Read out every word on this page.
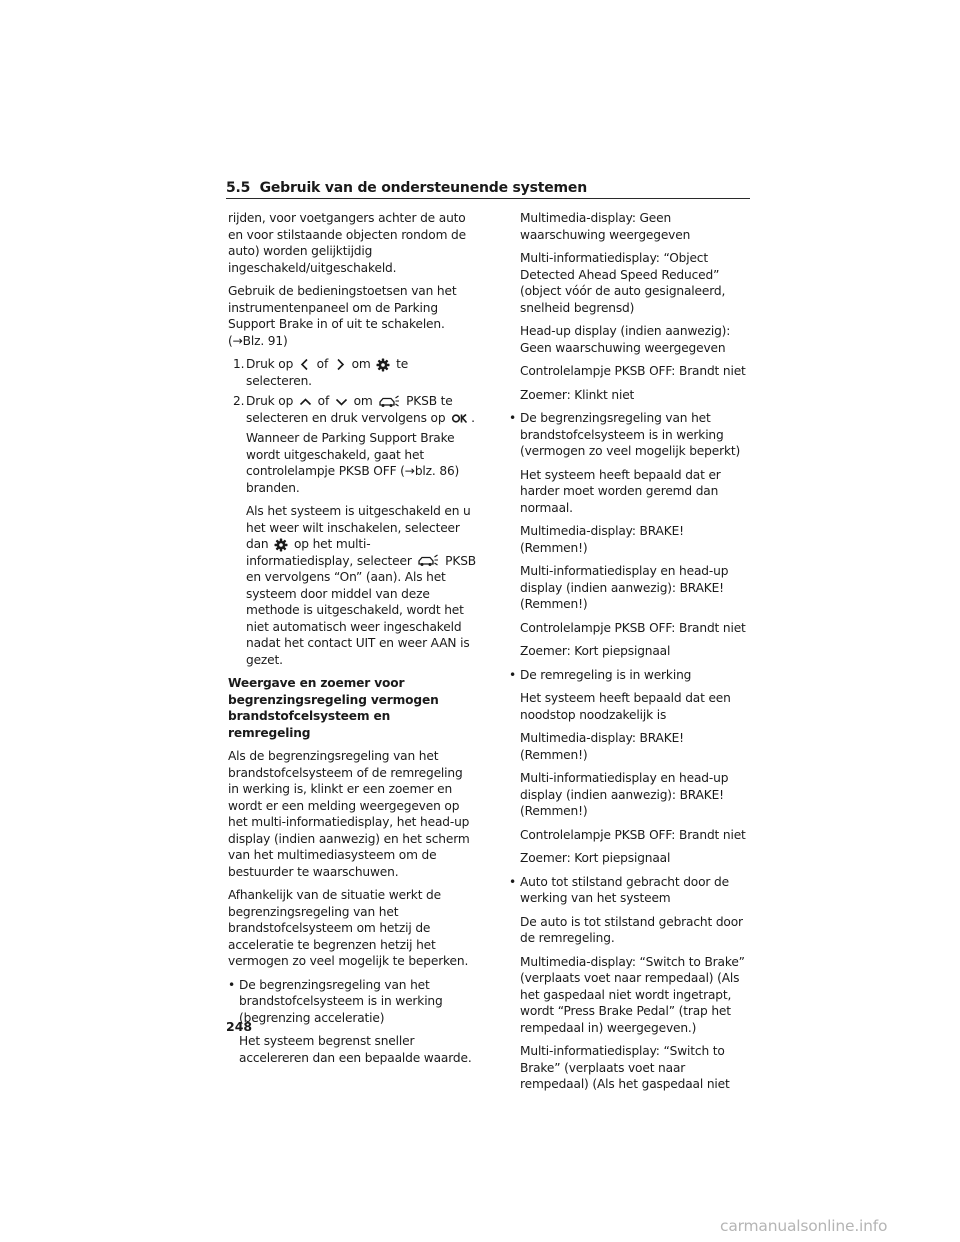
5.5 Gebruik van de ondersteunende systemen

rijden, voor voetgangers achter de auto en voor stilstaande objecten rondom de auto) worden gelijktijdig ingeschakeld/uitgeschakeld.

Gebruik de bedieningstoetsen van het instrumentenpaneel om de Parking Support Brake in of uit te schakelen. (→Blz. 91)

1. Druk op of om te selecteren.

2. Druk op of om	PKSB te selecteren en druk vervolgens op .

Wanneer de Parking Support Brake wordt uitgeschakeld, gaat het controlelampje PKSB OFF (→blz. 86) branden.

Als het systeem is uitgeschakeld en u het weer wilt inschakelen, selecteer dan op het multi-informatiedisplay, selecteer	PKSB en vervolgens “On” (aan). Als het systeem door middel van deze methode is uitgeschakeld, wordt het niet automatisch weer ingeschakeld nadat het contact UIT en weer AAN is gezet.

Weergave en zoemer voor begrenzingsregeling vermogen brandstofcelsysteem en remregeling

Als de begrenzingsregeling van het brandstofcelsysteem of de remregeling in werking is, klinkt er een zoemer en wordt er een melding weergegeven op het multi-informatiedisplay, het head-up display (indien aanwezig) en het scherm van het multimediasysteem om de bestuurder te waarschuwen.

Afhankelijk van de situatie werkt de begrenzingsregeling van het brandstofcelsysteem om hetzij de acceleratie te begrenzen hetzij het vermogen zo veel mogelijk te beperken.

• De begrenzingsregeling van het brandstofcelsysteem is in werking (begrenzing acceleratie)

Het systeem begrenst sneller accelereren dan een bepaalde waarde.

Multimedia-display: Geen waarschuwing weergegeven

Multi-informatiedisplay: “Object Detected Ahead Speed Reduced” (object vóór de auto gesignaleerd, snelheid begrensd)

Head-up display (indien aanwezig): Geen waarschuwing weergegeven

Controlelampje PKSB OFF: Brandt niet

Zoemer: Klinkt niet

• De begrenzingsregeling van het brandstofcelsysteem is in werking (vermogen zo veel mogelijk beperkt)

Het systeem heeft bepaald dat er harder moet worden geremd dan normaal.

Multimedia-display: BRAKE! (Remmen!)

Multi-informatiedisplay en head-up display (indien aanwezig): BRAKE! (Remmen!)

Controlelampje PKSB OFF: Brandt niet

Zoemer: Kort piepsignaal

• De remregeling is in werking

Het systeem heeft bepaald dat een noodstop noodzakelijk is

Multimedia-display: BRAKE! (Remmen!)

Multi-informatiedisplay en head-up display (indien aanwezig): BRAKE! (Remmen!)

Controlelampje PKSB OFF: Brandt niet

Zoemer: Kort piepsignaal

• Auto tot stilstand gebracht door de werking van het systeem

De auto is tot stilstand gebracht door de remregeling.

Multimedia-display: “Switch to Brake” (verplaats voet naar rempedaal) (Als het gaspedaal niet wordt ingetrapt, wordt “Press Brake Pedal” (trap het rempedaal in) weergegeven.)

Multi-informatiedisplay: “Switch to Brake” (verplaats voet naar rempedaal) (Als het gaspedaal niet

248
carmanualsonline.info
